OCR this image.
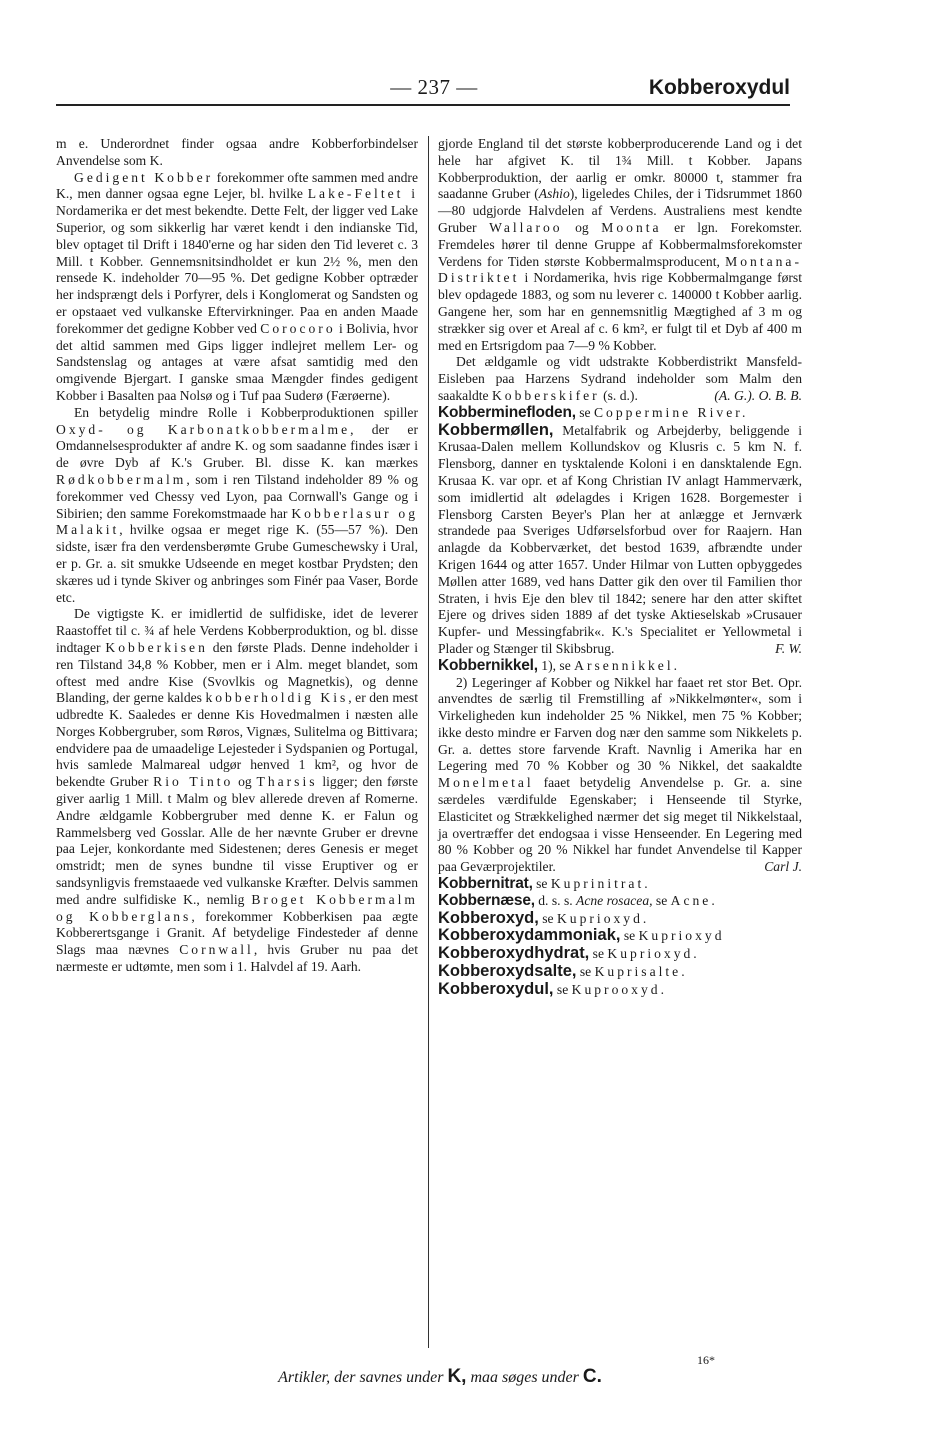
— 237 —	Kobberoxydul

m e. Underordnet finder ogsaa andre Kobberforbindelser Anvendelse som K.

Gedigent Kobber forekommer ofte sammen med andre K., men danner ogsaa egne Lejer, bl. hvilke Lake-Feltet i Nordamerika er det mest bekendte. Dette Felt, der ligger ved Lake Superior, og som sikkerlig har været kendt i den indianske Tid, blev optaget til Drift i 1840'erne og har siden den Tid leveret c. 3 Mill. t Kobber. Gennemsnitsindholdet er kun 2½ %, men den rensede K. indeholder 70—95 %. Det gedigne Kobber optræder her indsprængt dels i Porfyrer, dels i Konglomerat og Sandsten og er opstaaet ved vulkanske Eftervirkninger. Paa en anden Maade forekommer det gedigne Kobber ved Corocoro i Bolivia, hvor det altid sammen med Gips ligger indlejret mellem Ler- og Sandstenslag og antages at være afsat samtidig med den omgivende Bjergart. I ganske smaa Mængder findes gedigent Kobber i Basalten paa Nolsø og i Tuf paa Suderø (Færøerne).

En betydelig mindre Rolle i Kobberproduktionen spiller Oxyd- og Karbonatkobbermalme, der er Omdannelsesprodukter af andre K. og som saadanne findes især i de øvre Dyb af K.'s Gruber. Bl. disse K. kan mærkes Rødkobbermalm, som i ren Tilstand indeholder 89 % og forekommer ved Chessy ved Lyon, paa Cornwall's Gange og i Sibirien; den samme Forekomstmaade har Kobberlasur og Malakit, hvilke ogsaa er meget rige K. (55—57 %). Den sidste, især fra den verdensberømte Grube Gumeschewsky i Ural, er p. Gr. a. sit smukke Udseende en meget kostbar Prydsten; den skæres ud i tynde Skiver og anbringes som Finér paa Vaser, Borde etc.

De vigtigste K. er imidlertid de sulfidiske, idet de leverer Raastoffet til c. ¾ af hele Verdens Kobberproduktion, og bl. disse indtager Kobberkisen den første Plads. Denne indeholder i ren Tilstand 34,8 % Kobber, men er i Alm. meget blandet, som oftest med andre Kise (Svovlkis og Magnetkis), og denne Blanding, der gerne kaldes kobberholdig Kis, er den mest udbredte K. Saaledes er denne Kis Hovedmalmen i næsten alle Norges Kobbergruber, som Røros, Vignæs, Sulitelma og Bittivara; endvidere paa de umaadelige Lejesteder i Sydspanien og Portugal, hvis samlede Malmareal udgør henved 1 km², og hvor de bekendte Gruber Rio Tinto og Tharsis ligger; den første giver aarlig 1 Mill. t Malm og blev allerede dreven af Romerne. Andre ældgamle Kobbergruber med denne K. er Falun og Rammelsberg ved Gosslar. Alle de her nævnte Gruber er drevne paa Lejer, konkordante med Sidestenen; deres Genesis er meget omstridt; men de synes bundne til visse Eruptiver og er sandsynligvis fremstaaede ved vulkanske Kræfter. Delvis sammen med andre sulfidiske K., nemlig Broget Kobbermalm og Kobberglans, forekommer Kobberkisen paa ægte Kobberertsgange i Granit. Af betydelige Findesteder af denne Slags maa nævnes Cornwall, hvis Gruber nu paa det nærmeste er udtømte, men som i 1. Halvdel af 19. Aarh.

gjorde England til det største kobberproducerende Land og i det hele har afgivet K. til 1¾ Mill. t Kobber. Japans Kobberproduktion, der aarlig er omkr. 80000 t, stammer fra saadanne Gruber (Ashio), ligeledes Chiles, der i Tidsrummet 1860—80 udgjorde Halvdelen af Verdens. Australiens mest kendte Gruber Wallaroo og Moonta er lgn. Forekomster. Fremdeles hører til denne Gruppe af Kobbermalmsforekomster Verdens for Tiden største Kobbermalmsproducent, Montana-Distriktet i Nordamerika, hvis rige Kobbermalmgange først blev opdagede 1883, og som nu leverer c. 140000 t Kobber aarlig. Gangene her, som har en gennemsnitlig Mægtighed af 3 m og strækker sig over et Areal af c. 6 km², er fulgt til et Dyb af 400 m med en Ertsrigdom paa 7—9 % Kobber.

Det ældgamle og vidt udstrakte Kobberdistrikt Mansfeld-Eisleben paa Harzens Sydrand indeholder som Malm den saakaldte Kobberskifer (s. d.).	(A. G.). O. B. B.

Kobberminefloden, se Coppermine River.

Kobbermøllen, Metalfabrik og Arbejderby, beliggende i Krusaa-Dalen mellem Kollundskov og Klusris c. 5 km N. f. Flensborg, danner en tysktalende Koloni i en dansktalende Egn. Krusaa K. var opr. et af Kong Christian IV anlagt Hammerværk, som imidlertid alt ødelagdes i Krigen 1628. Borgemester i Flensborg Carsten Beyer's Plan her at anlægge et Jernværk strandede paa Sveriges Udførselsforbud over for Raajern. Han anlagde da Kobberværket, det bestod 1639, afbrændte under Krigen 1644 og atter 1657. Under Hilmar von Lutten opbyggedes Møllen atter 1689, ved hans Datter gik den over til Familien thor Straten, i hvis Eje den blev til 1842; senere har den atter skiftet Ejere og drives siden 1889 af det tyske Aktieselskab »Crusauer Kupfer- und Messingfabrik«. K.'s Specialitet er Yellowmetal i Plader og Stænger til Skibsbrug.	F. W.

Kobbernikkel, 1), se Arsennikkel.

2) Legeringer af Kobber og Nikkel har faaet ret stor Bet. Opr. anvendtes de særlig til Fremstilling af »Nikkelmønter«, som i Virkeligheden kun indeholder 25 % Nikkel, men 75 % Kobber; ikke desto mindre er Farven dog nær den samme som Nikkelets p. Gr. a. dettes store farvende Kraft. Navnlig i Amerika har en Legering med 70 % Kobber og 30 % Nikkel, det saakaldte Monelmetal faaet betydelig Anvendelse p. Gr. a. sine særdeles værdifulde Egenskaber; i Henseende til Styrke, Elasticitet og Strækkelighed nærmer det sig meget til Nikkelstaal, ja overtræffer det endogsaa i visse Henseender. En Legering med 80 % Kobber og 20 % Nikkel har fundet Anvendelse til Kapper paa Geværprojektiler.	Carl J.

Kobbernitrat, se Kuprinitrat.

Kobbernæse, d. s. s. Acne rosacea, se Acne.

Kobberoxyd, se Kuprioxyd.

Kobberoxydammoniak, se Kuprioxyd

Kobberoxydhydrat, se Kuprioxyd.

Kobberoxydsalte, se Kuprisalte.

Kobberoxydul, se Kuprooxyd.

16*
Artikler, der savnes under K, maa søges under C.
